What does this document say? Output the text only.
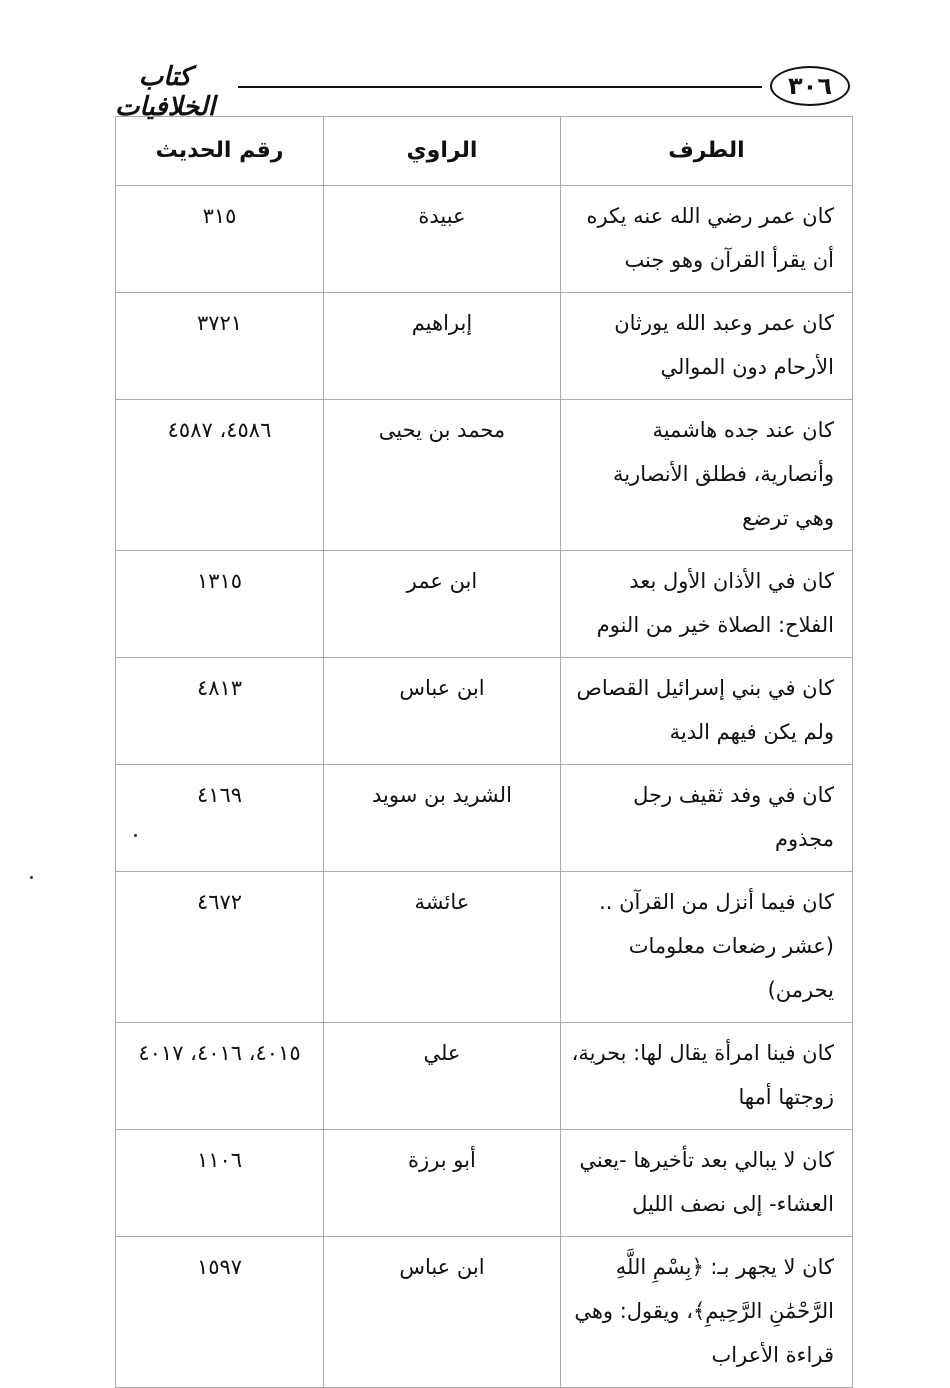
٣٠٦
كتاب الخلافيات
الطرف	الراوي	رقم الحديث
كان عمر رضي الله عنه يكره أن يقرأ القرآن وهو جنب	عبيدة	٣١٥
كان عمر وعبد الله يورثان الأرحام دون الموالي	إبراهيم	٣٧٢١
كان عند جده هاشمية وأنصارية، فطلق الأنصارية وهي ترضع	محمد بن يحيى	٤٥٨٦، ٤٥٨٧
كان في الأذان الأول بعد الفلاح: الصلاة خير من النوم	ابن عمر	١٣١٥
كان في بني إسرائيل القصاص ولم يكن فيهم الدية	ابن عباس	٤٨١٣
كان في وفد ثقيف رجل مجذوم	الشريد بن سويد	٤١٦٩
كان فيما أنزل من القرآن .. (عشر رضعات معلومات يحرمن)	عائشة	٤٦٧٢
كان فينا امرأة يقال لها: بحرية، زوجتها أمها	علي	٤٠١٥، ٤٠١٦، ٤٠١٧
كان لا يبالي بعد تأخيرها -يعني العشاء- إلى نصف الليل	أبو برزة	١١٠٦
كان لا يجهر بـ: ﴿بِسْمِ اللَّهِ الرَّحْمَٰنِ الرَّحِيمِ﴾، ويقول: وهي قراءة الأعراب	ابن عباس	١٥٩٧
